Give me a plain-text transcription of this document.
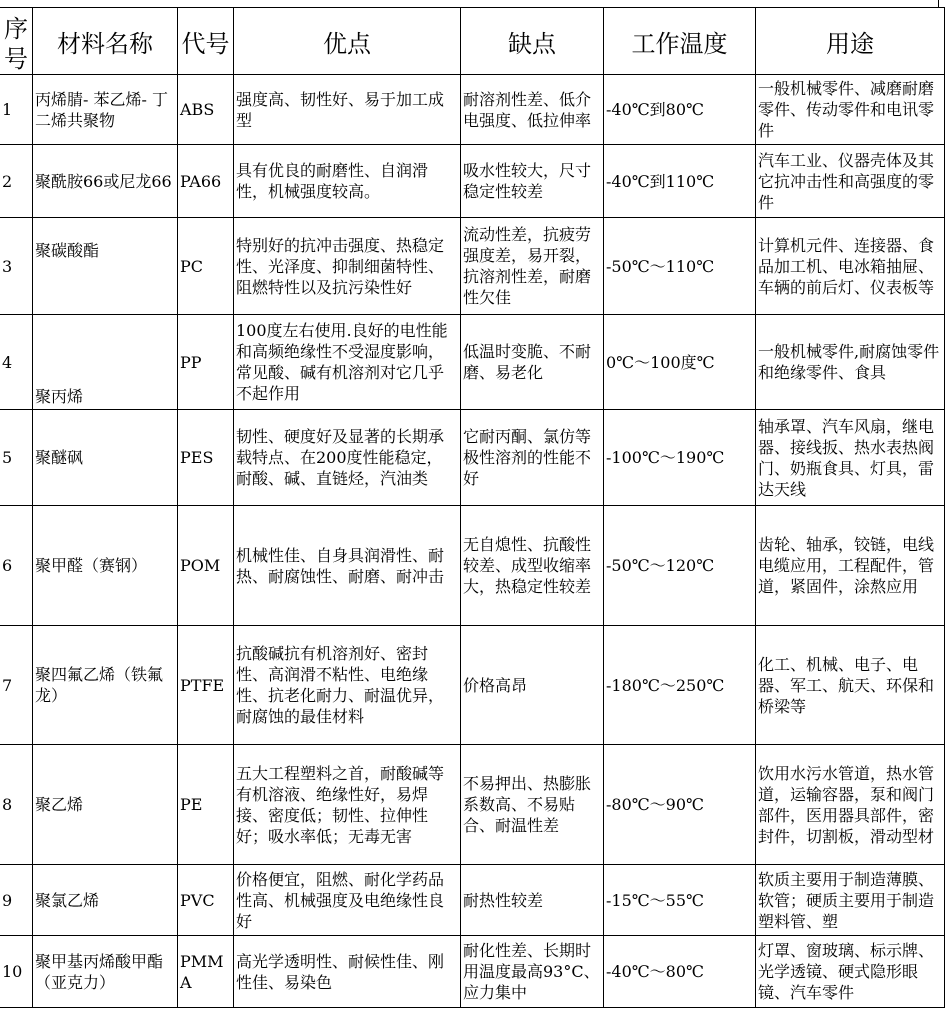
序号	材料名称	代号	优点	缺点	工作温度	用途
1	丙烯腈- 苯乙烯- 丁二烯共聚物	ABS	强度高、韧性好、易于加工成型	耐溶剂性差、低介电强度、低拉伸率	-40℃到80℃	一般机械零件、减磨耐磨零件、传动零件和电讯零件
2	聚酰胺66或尼龙66	PA66	具有优良的耐磨性、自润滑性，机械强度较高。	吸水性较大，尺寸稳定性较差	-40℃到110℃	汽车工业、仪器壳体及其它抗冲击性和高强度的零件
3	聚碳酸酯	PC	特别好的抗冲击强度、热稳定性、光泽度、抑制细菌特性、阻燃特性以及抗污染性好	流动性差，抗疲劳强度差，易开裂，抗溶剂性差，耐磨性欠佳	-50℃～110℃	计算机元件、连接器、食品加工机、电冰箱抽屉、车辆的前后灯、仪表板等
4	聚丙烯	PP	100度左右使用.良好的电性能和高频绝缘性不受湿度影响，常见酸、碱有机溶剂对它几乎不起作用	低温时变脆、不耐磨、易老化	0℃～100度℃	一般机械零件,耐腐蚀零件和绝缘零件、食具
5	聚醚砜	PES	韧性、硬度好及显著的长期承载特点、在200度性能稳定，耐酸、碱、直链烃，汽油类	它耐丙酮、氯仿等极性溶剂的性能不好	-100℃～190℃	轴承罩、汽车风扇，继电器、接线扳、热水表热阀门、奶瓶食具、灯具，雷达天线
6	聚甲醛（赛钢）	POM	机械性佳、自身具润滑性、耐热、耐腐蚀性、耐磨、耐冲击	无自熄性、抗酸性较差、成型收缩率大，热稳定性较差	-50℃～120℃	齿轮、轴承，铰链，电线电缆应用，工程配件，管道，紧固件，涂熬应用
7	聚四氟乙烯（铁氟龙）	PTFE	抗酸碱抗有机溶剂好、密封性、高润滑不粘性、电绝缘性、抗老化耐力、耐温优异，耐腐蚀的最佳材料	价格高昂	-180℃～250℃	化工、机械、电子、电器、军工、航天、环保和桥梁等
8	聚乙烯	PE	五大工程塑料之首，耐酸碱等有机溶液、绝缘性好，易焊接、密度低；韧性、拉伸性好；吸水率低；无毒无害	不易押出、热膨胀系数高、不易贴合、耐温性差	-80℃～90℃	饮用水污水管道，热水管道，运输容器，泵和阀门部件，医用器具部件，密封件，切割板，滑动型材
9	聚氯乙烯	PVC	价格便宜，阻燃、耐化学药品性高、机械强度及电绝缘性良好	耐热性较差	-15℃～55℃	软质主要用于制造薄膜、软管；硬质主要用于制造塑料管、塑
10	聚甲基丙烯酸甲酯（亚克力）	PMMA	高光学透明性、耐候性佳、刚性佳、易染色	耐化性差、长期时用温度最高93°C、应力集中	-40℃～80℃	灯罩、窗玻璃、标示牌、光学透镜、硬式隐形眼镜、汽车零件
